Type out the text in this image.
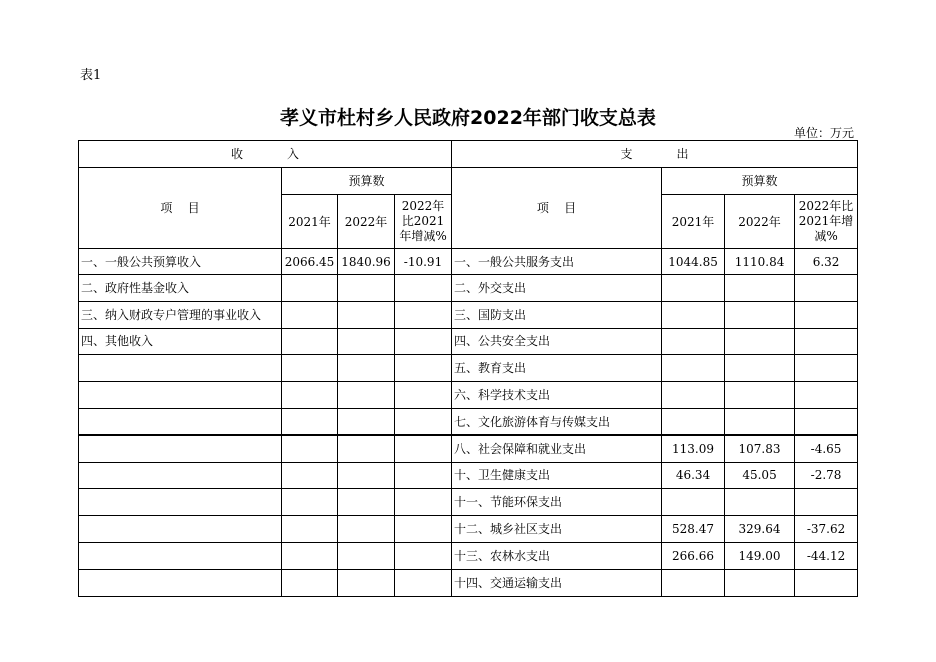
表1
孝义市杜村乡人民政府2022年部门收支总表
单位：万元
收 入				支 出			
项    目	预算数			项    目	预算数		
	2021年	2022年	2022年比2021年增减%		2021年	2022年	2022年比2021年增减%
一、一般公共预算收入	2066.45	1840.96	-10.91	一、一般公共服务支出	1044.85	1110.84	6.32
二、政府性基金收入				二、外交支出			
三、纳入财政专户管理的事业收入				三、国防支出			
四、其他收入				四、公共安全支出			
				五、教育支出			
				六、科学技术支出			
				七、文化旅游体育与传媒支出			
				八、社会保障和就业支出	113.09	107.83	-4.65
				十、卫生健康支出	46.34	45.05	-2.78
				十一、节能环保支出			
				十二、城乡社区支出	528.47	329.64	-37.62
				十三、农林水支出	266.66	149.00	-44.12
				十四、交通运输支出			
